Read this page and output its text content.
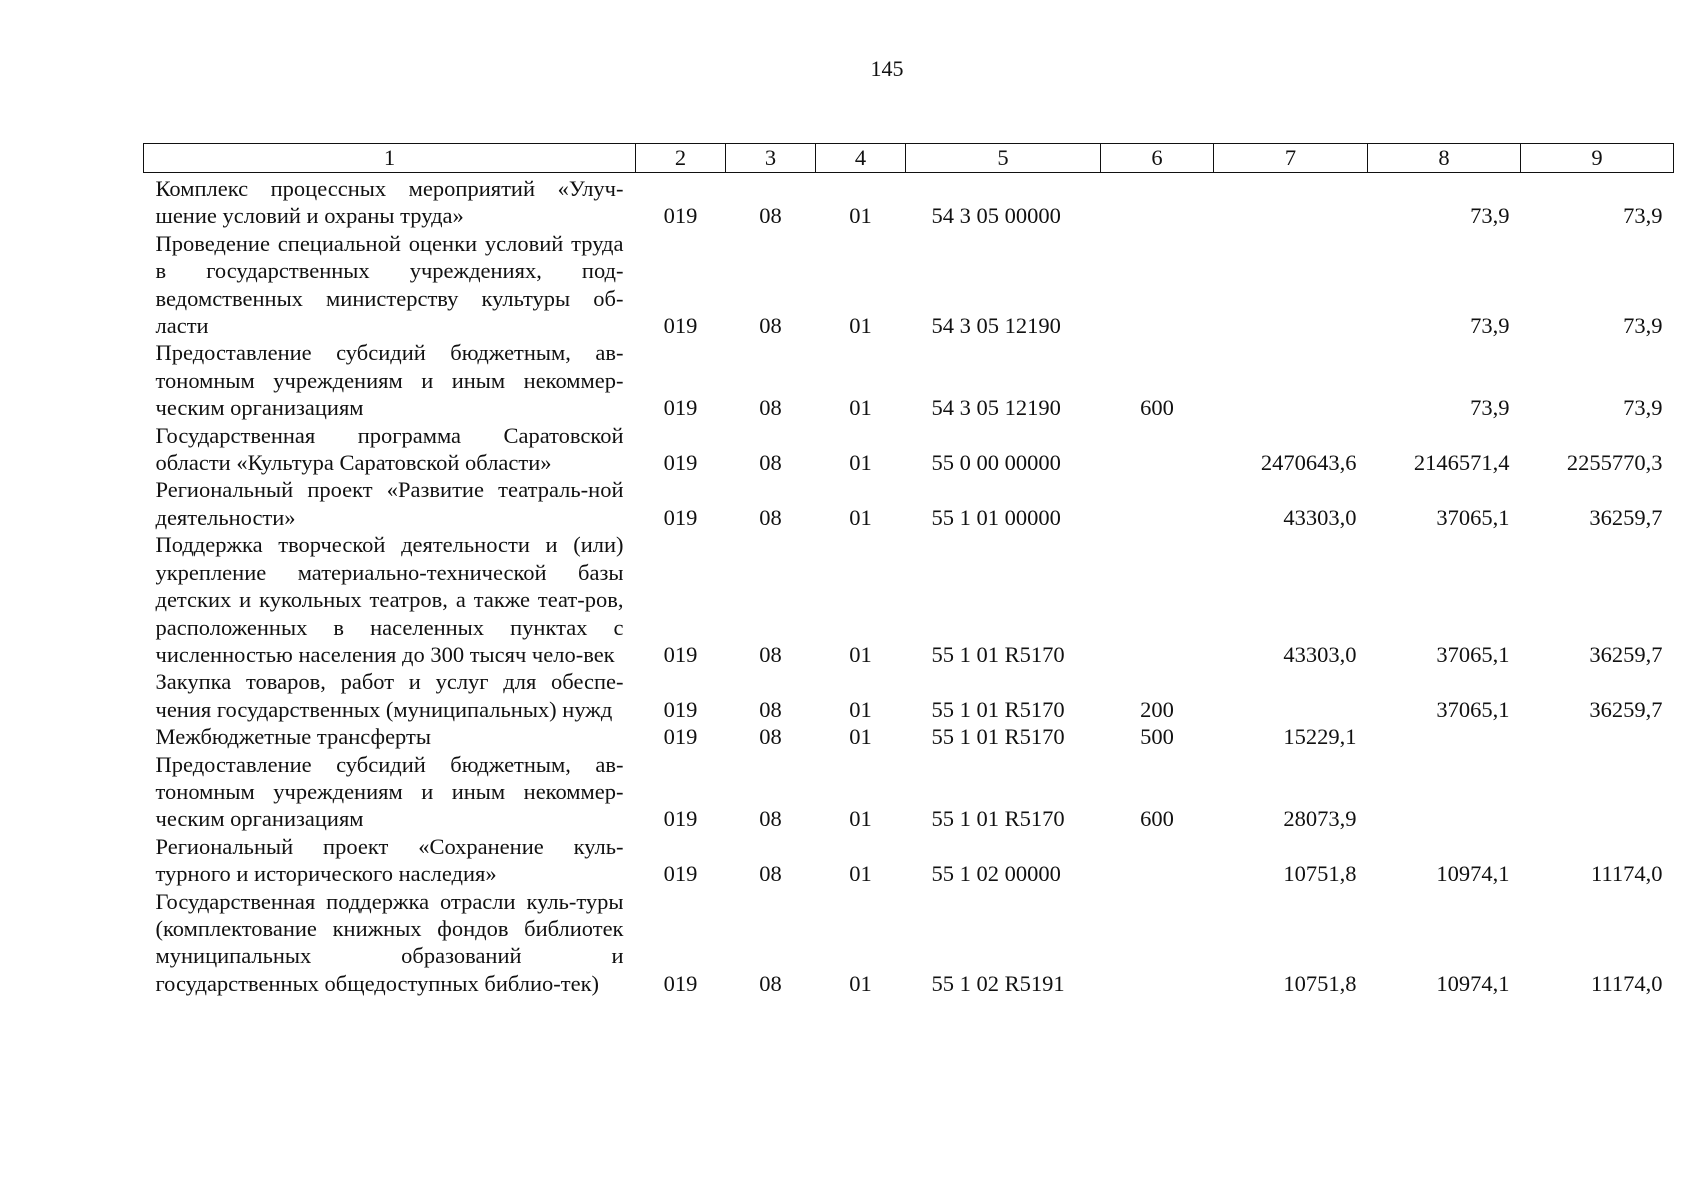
145
1	2	3	4	5	6	7	8	9
Комплекс процессных мероприятий «Улуч-шение условий и охраны труда»	019	08	01	54 3 05 00000			73,9	73,9
Проведение специальной оценки условий труда в государственных учреждениях, под-ведомственных министерству культуры об-ласти	019	08	01	54 3 05 12190			73,9	73,9
Предоставление субсидий бюджетным, ав-тономным учреждениям и иным некоммер-ческим организациям	019	08	01	54 3 05 12190	600		73,9	73,9
Государственная программа Саратовской области «Культура Саратовской области»	019	08	01	55 0 00 00000		2470643,6	2146571,4	2255770,3
Региональный проект «Развитие театраль-ной деятельности»	019	08	01	55 1 01 00000		43303,0	37065,1	36259,7
Поддержка творческой деятельности и (или) укрепление материально-технической базы детских и кукольных театров, а также теат-ров, расположенных в населенных пунктах с численностью населения до 300 тысяч чело-век	019	08	01	55 1 01 R5170		43303,0	37065,1	36259,7
Закупка товаров, работ и услуг для обеспе-чения государственных (муниципальных) нужд	019	08	01	55 1 01 R5170	200		37065,1	36259,7
Межбюджетные трансферты	019	08	01	55 1 01 R5170	500	15229,1		
Предоставление субсидий бюджетным, ав-тономным учреждениям и иным некоммер-ческим организациям	019	08	01	55 1 01 R5170	600	28073,9		
Региональный проект «Сохранение куль-турного и исторического наследия»	019	08	01	55 1 02 00000		10751,8	10974,1	11174,0
Государственная поддержка отрасли куль-туры (комплектование книжных фондов библиотек муниципальных образований и государственных общедоступных библио-тек)	019	08	01	55 1 02 R5191		10751,8	10974,1	11174,0
